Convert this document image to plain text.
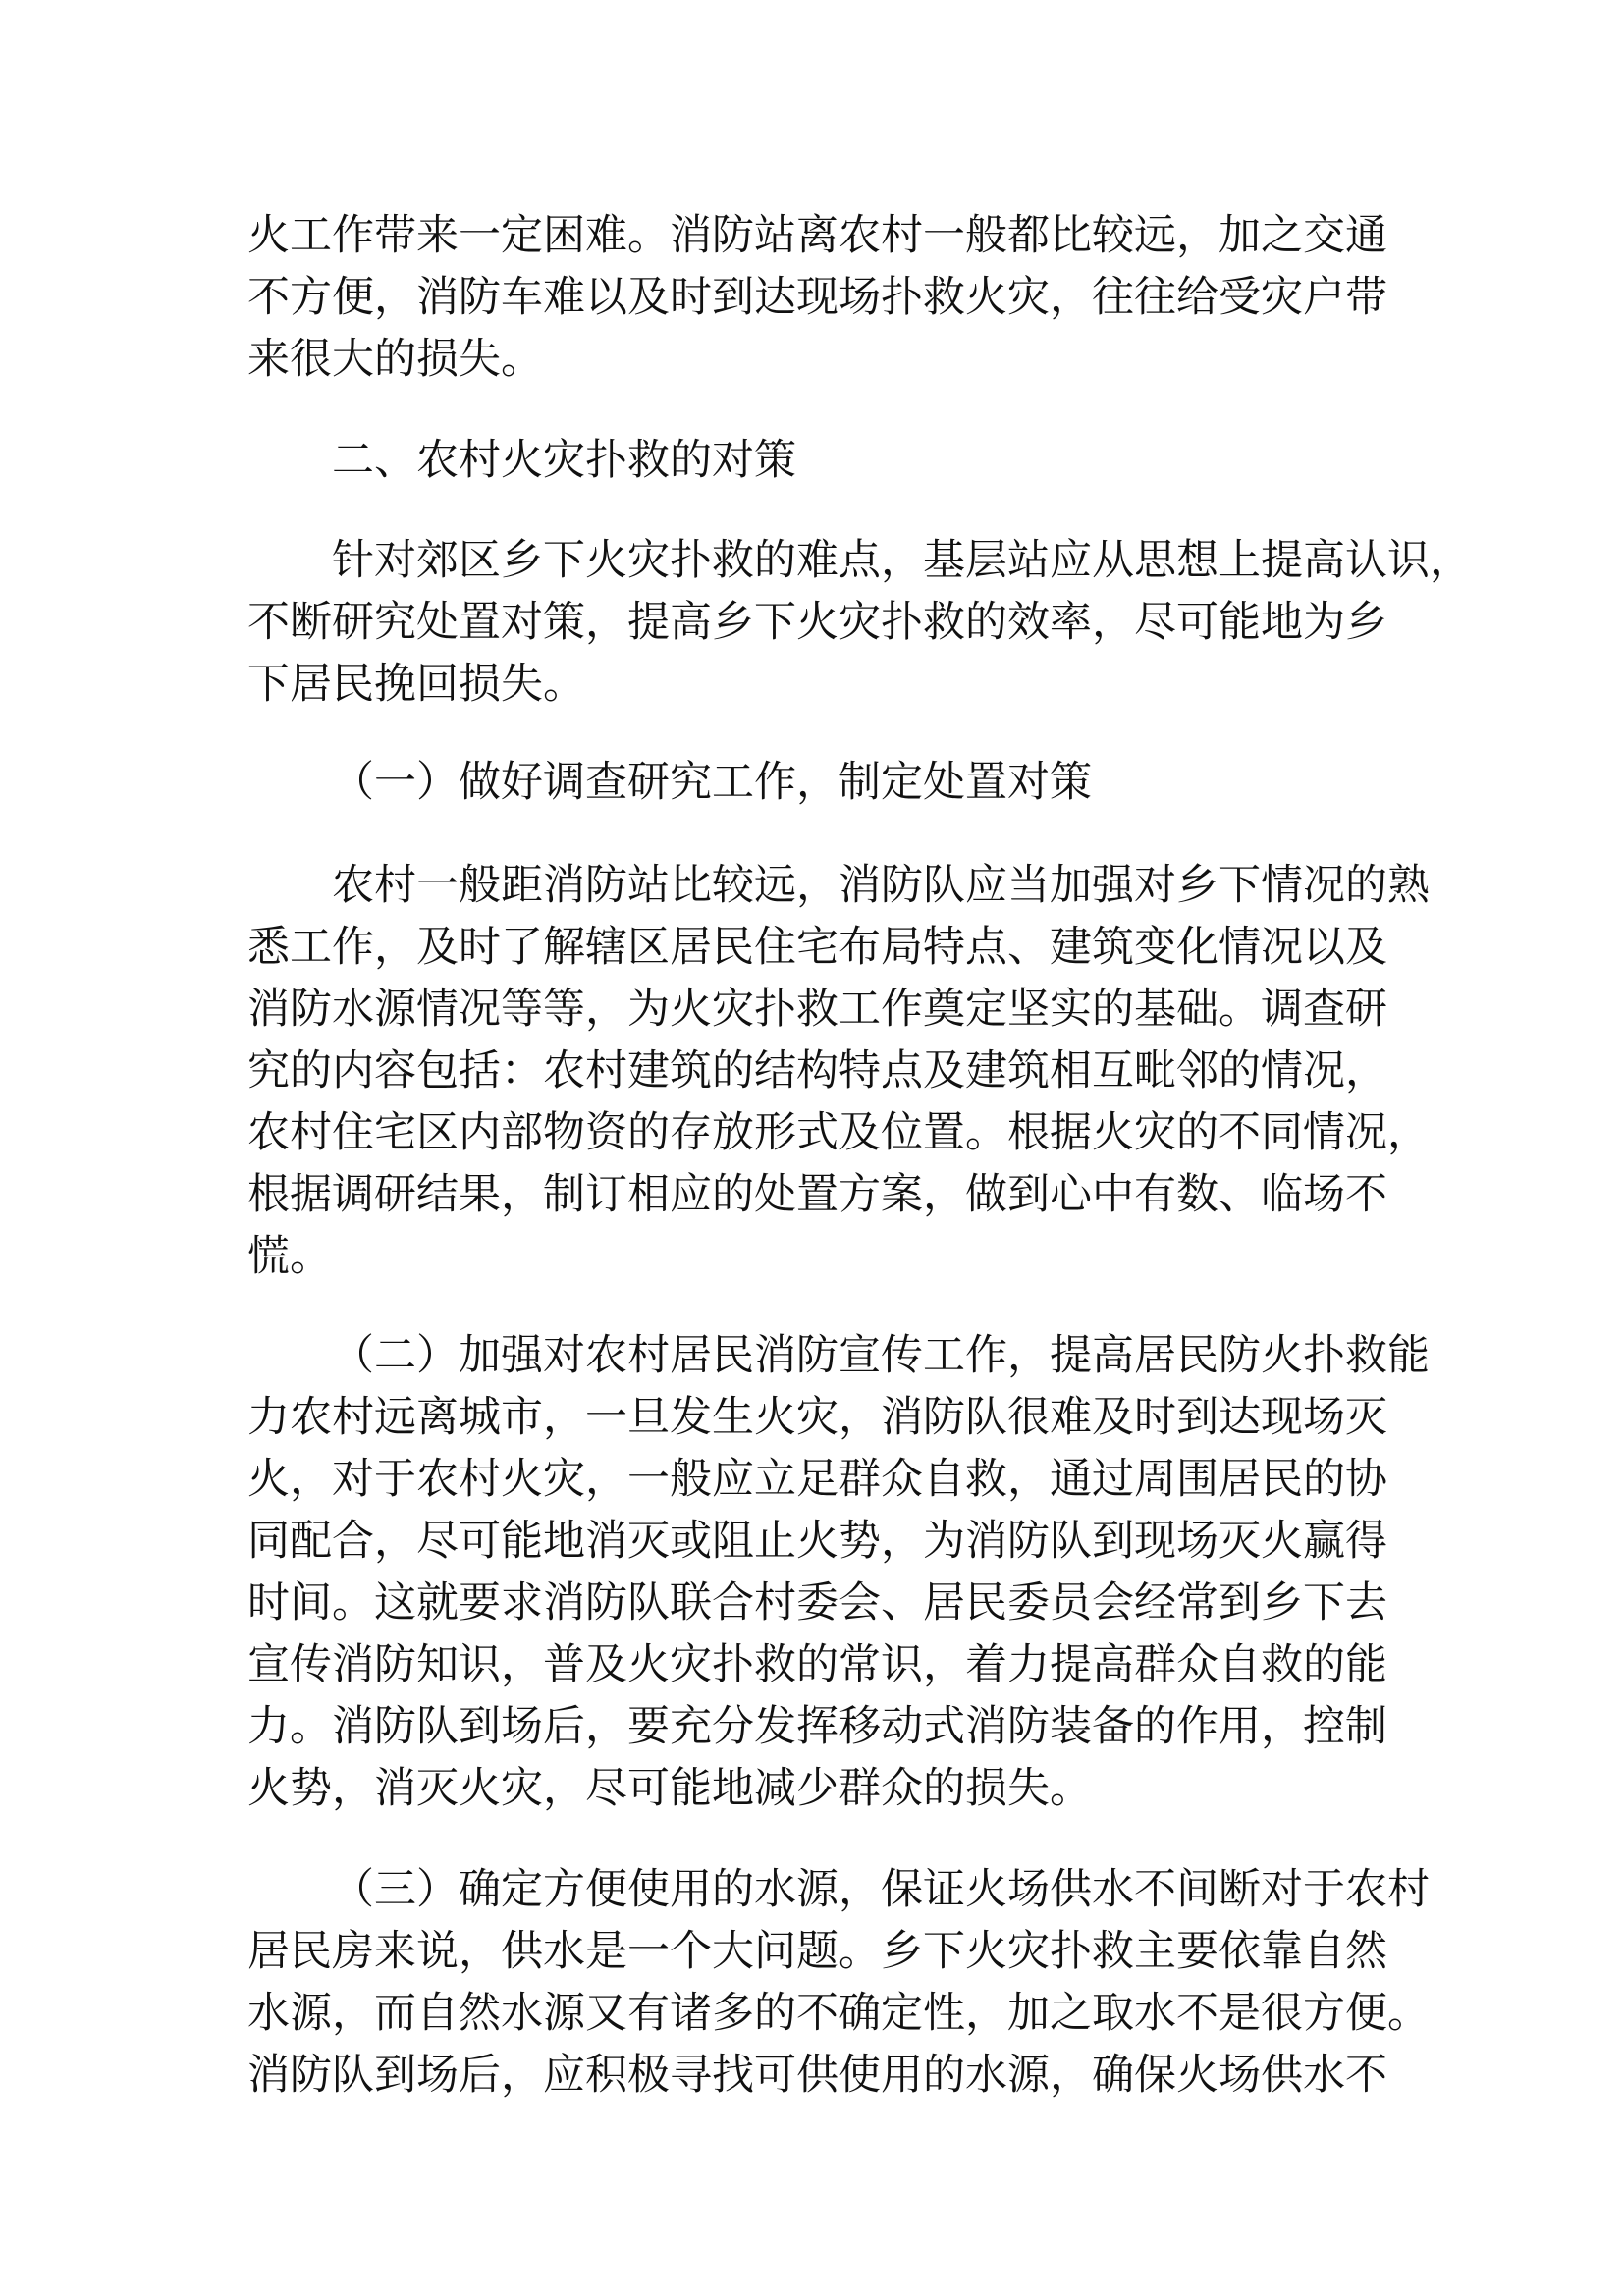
火工作带来一定困难。消防站离农村一般都比较远，加之交通
不方便，消防车难以及时到达现场扑救火灾，往往给受灾户带
来很大的损失。
二、农村火灾扑救的对策
针对郊区乡下火灾扑救的难点，基层站应从思想上提高认识，
不断研究处置对策，提高乡下火灾扑救的效率，尽可能地为乡
下居民挽回损失。
（一）做好调查研究工作，制定处置对策
农村一般距消防站比较远，消防队应当加强对乡下情况的熟
悉工作，及时了解辖区居民住宅布局特点、建筑变化情况以及
消防水源情况等等，为火灾扑救工作奠定坚实的基础。调查研
究的内容包括：农村建筑的结构特点及建筑相互毗邻的情况，
农村住宅区内部物资的存放形式及位置。根据火灾的不同情况，
根据调研结果，制订相应的处置方案，做到心中有数、临场不
慌。
（二）加强对农村居民消防宣传工作，提高居民防火扑救能
力农村远离城市，一旦发生火灾，消防队很难及时到达现场灭
火，对于农村火灾，一般应立足群众自救，通过周围居民的协
同配合，尽可能地消灭或阻止火势，为消防队到现场灭火赢得
时间。这就要求消防队联合村委会、居民委员会经常到乡下去
宣传消防知识，普及火灾扑救的常识，着力提高群众自救的能
力。消防队到场后，要充分发挥移动式消防装备的作用，控制
火势，消灭火灾，尽可能地减少群众的损失。
（三）确定方便使用的水源，保证火场供水不间断对于农村
居民房来说，供水是一个大问题。乡下火灾扑救主要依靠自然
水源，而自然水源又有诸多的不确定性，加之取水不是很方便。
消防队到场后，应积极寻找可供使用的水源，确保火场供水不
